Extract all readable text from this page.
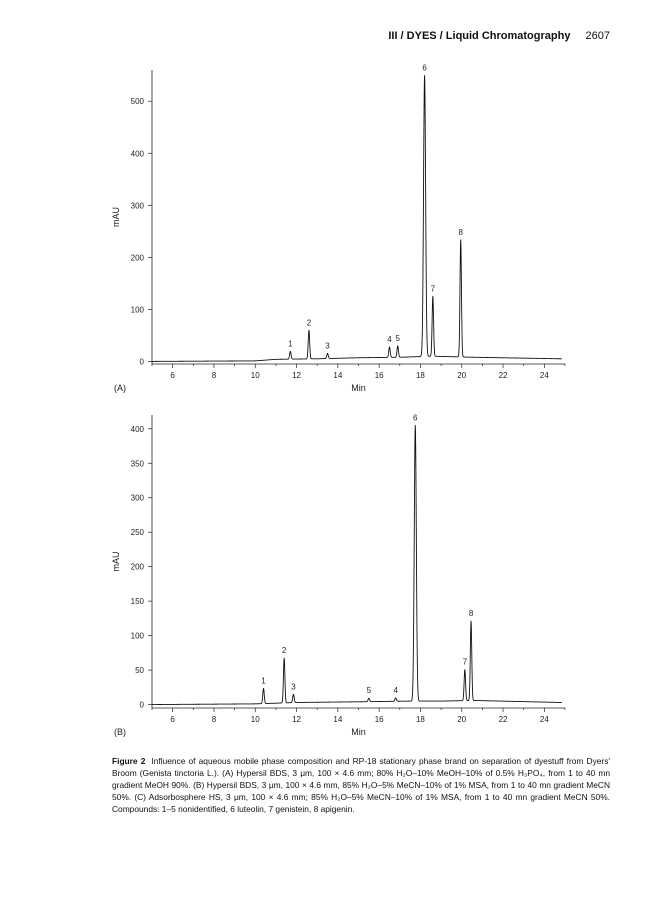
III / DYES / Liquid Chromatography 2607
6	8	10	12	14	16	18	20	22	24
0
100
200
300
400
500
Min
mAU
(A)
1
2
3
4 5
6
7
8
6	8	10	12	14	16	18	20	22	24
0
50
100
150
200
250
300
350
400
Min
mAU
(B)
1
2
3	5	4
6
7
8
Figure 2 Influence of aqueous mobile phase composition and RP-18 stationary phase brand on separation of dyestuff from Dyers' Broom (Genista tinctoria L.). (A) Hypersil BDS, 3 μm, 100 × 4.6 mm; 80% H₂O–10% MeOH–10% of 0.5% H₃PO₄, from 1 to 40 mn gradient MeOH 90%. (B) Hypersil BDS, 3 μm, 100 × 4.6 mm, 85% H₂O–5% MeCN–10% of 1% MSA, from 1 to 40 mn gradient MeCN 50%. (C) Adsorbosphere HS, 3 μm, 100 × 4.6 mm; 85% H₂O–5% MeCN–10% of 1% MSA, from 1 to 40 mn gradient MeCN 50%. Compounds: 1–5 nonidentified, 6 luteolin, 7 genistein, 8 apigenin.
